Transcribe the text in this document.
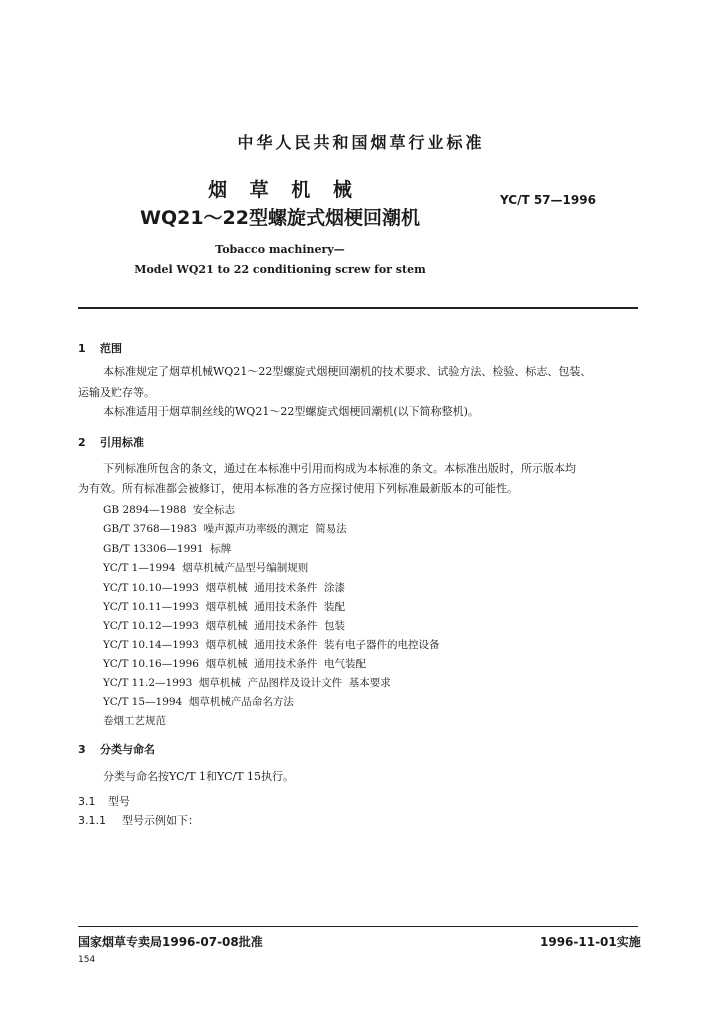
中华人民共和国烟草行业标准
烟 草 机 械
WQ21～22型螺旋式烟梗回潮机
YC/T 57—1996
Tobacco machinery—
Model WQ21 to 22 conditioning screw for stem
1 范围
本标准规定了烟草机械WQ21～22型螺旋式烟梗回潮机的技术要求、试验方法、检验、标志、包装、
运输及贮存等。
本标准适用于烟草制丝线的WQ21～22型螺旋式烟梗回潮机(以下简称整机)。
2 引用标准
下列标准所包含的条文，通过在本标准中引用而构成为本标准的条文。本标准出版时，所示版本均
为有效。所有标准都会被修订，使用本标准的各方应探讨使用下列标准最新版本的可能性。
GB 2894—1988  安全标志
GB/T 3768—1983  噪声源声功率级的测定  简易法
GB/T 13306—1991  标牌
YC/T 1—1994  烟草机械产品型号编制规则
YC/T 10.10—1993  烟草机械  通用技术条件  涂漆
YC/T 10.11—1993  烟草机械  通用技术条件  装配
YC/T 10.12—1993  烟草机械  通用技术条件  包装
YC/T 10.14—1993  烟草机械  通用技术条件  装有电子器件的电控设备
YC/T 10.16—1996  烟草机械  通用技术条件  电气装配
YC/T 11.2—1993  烟草机械  产品图样及设计文件  基本要求
YC/T 15—1994  烟草机械产品命名方法
卷烟工艺规范
3 分类与命名
分类与命名按YC/T 1和YC/T 15执行。
3.1 型号
3.1.1 型号示例如下：
国家烟草专卖局1996-07-08批准	1996-11-01实施
154
